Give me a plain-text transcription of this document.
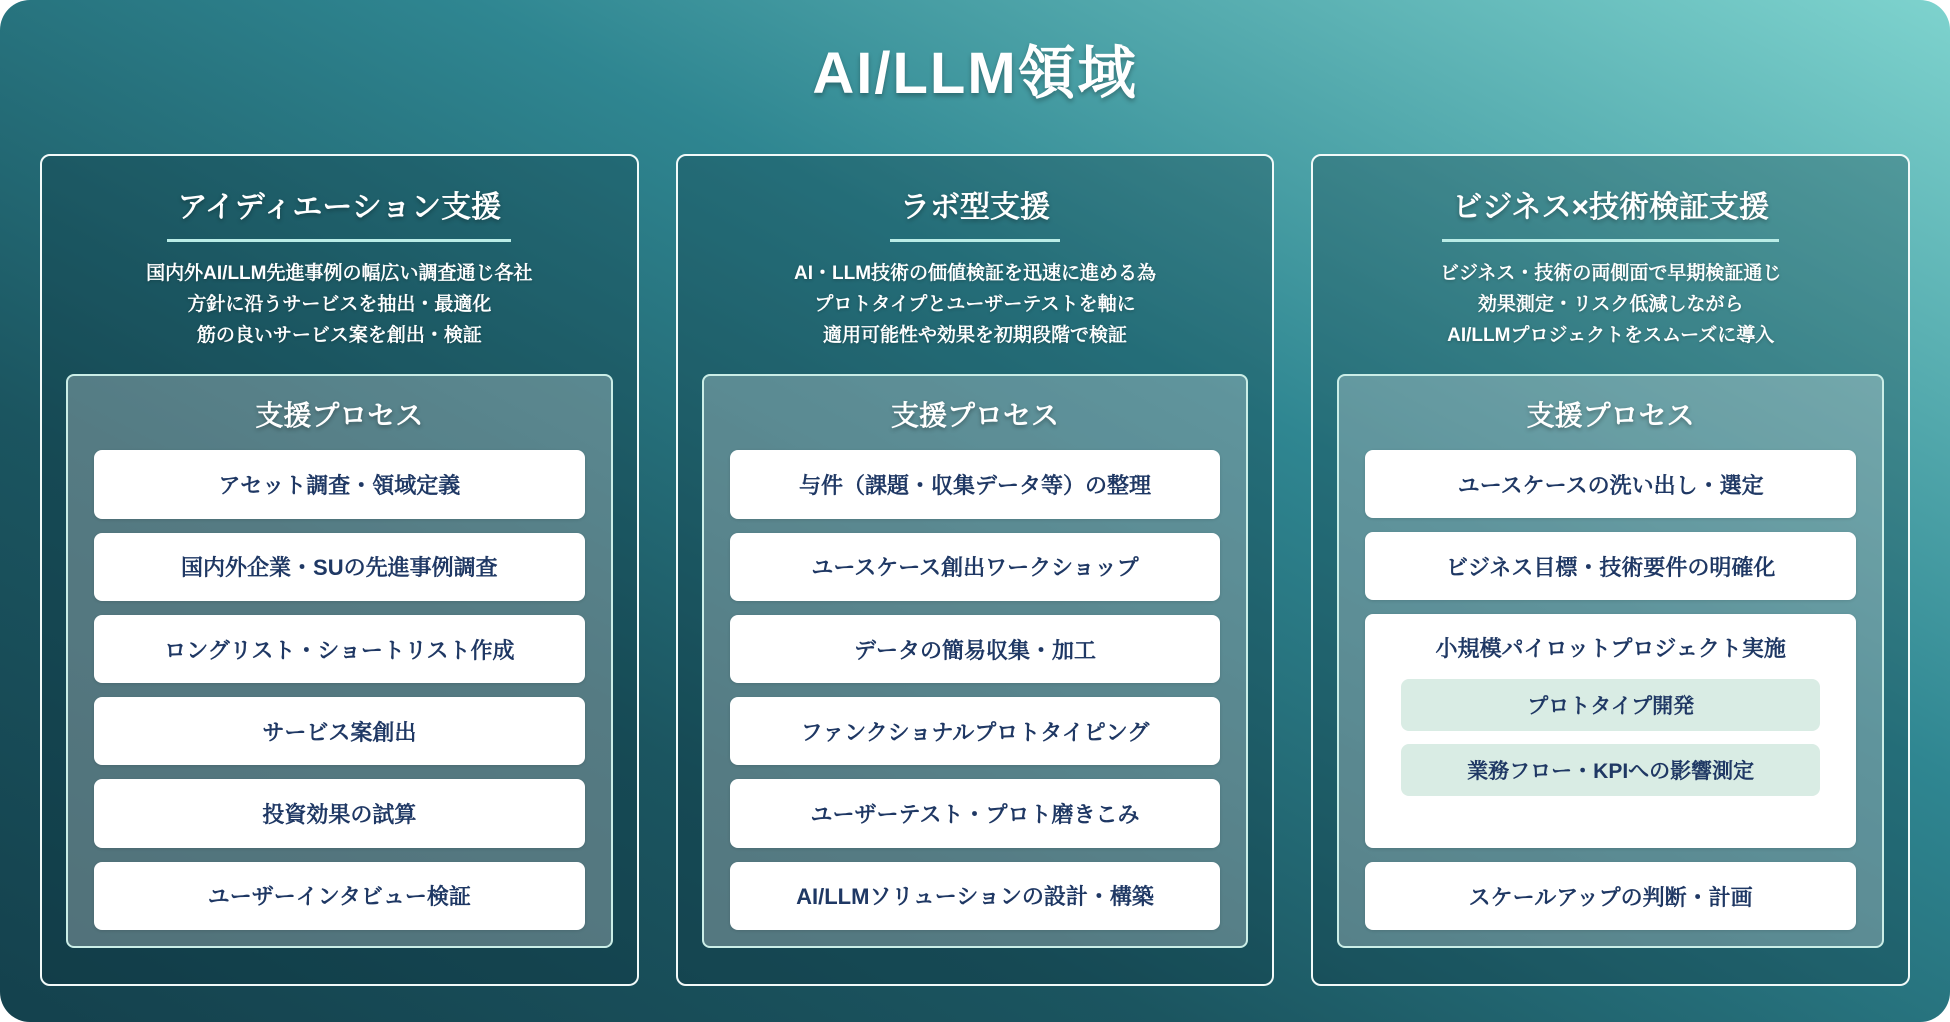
AI/LLM領域
アイディエーション支援
国内外AI/LLM先進事例の幅広い調査通じ各社
方針に沿うサービスを抽出・最適化
筋の良いサービス案を創出・検証
支援プロセス
アセット調査・領域定義
国内外企業・SUの先進事例調査
ロングリスト・ショートリスト作成
サービス案創出
投資効果の試算
ユーザーインタビュー検証
ラボ型支援
AI・LLM技術の価値検証を迅速に進める為
プロトタイプとユーザーテストを軸に
適用可能性や効果を初期段階で検証
支援プロセス
与件（課題・収集データ等）の整理
ユースケース創出ワークショップ
データの簡易収集・加工
ファンクショナルプロトタイピング
ユーザーテスト・プロト磨きこみ
AI/LLMソリューションの設計・構築
ビジネス×技術検証支援
ビジネス・技術の両側面で早期検証通じ
効果測定・リスク低減しながら
AI/LLMプロジェクトをスムーズに導入
支援プロセス
ユースケースの洗い出し・選定
ビジネス目標・技術要件の明確化
小規模パイロットプロジェクト実施
プロトタイプ開発
業務フロー・KPIへの影響測定
スケールアップの判断・計画
